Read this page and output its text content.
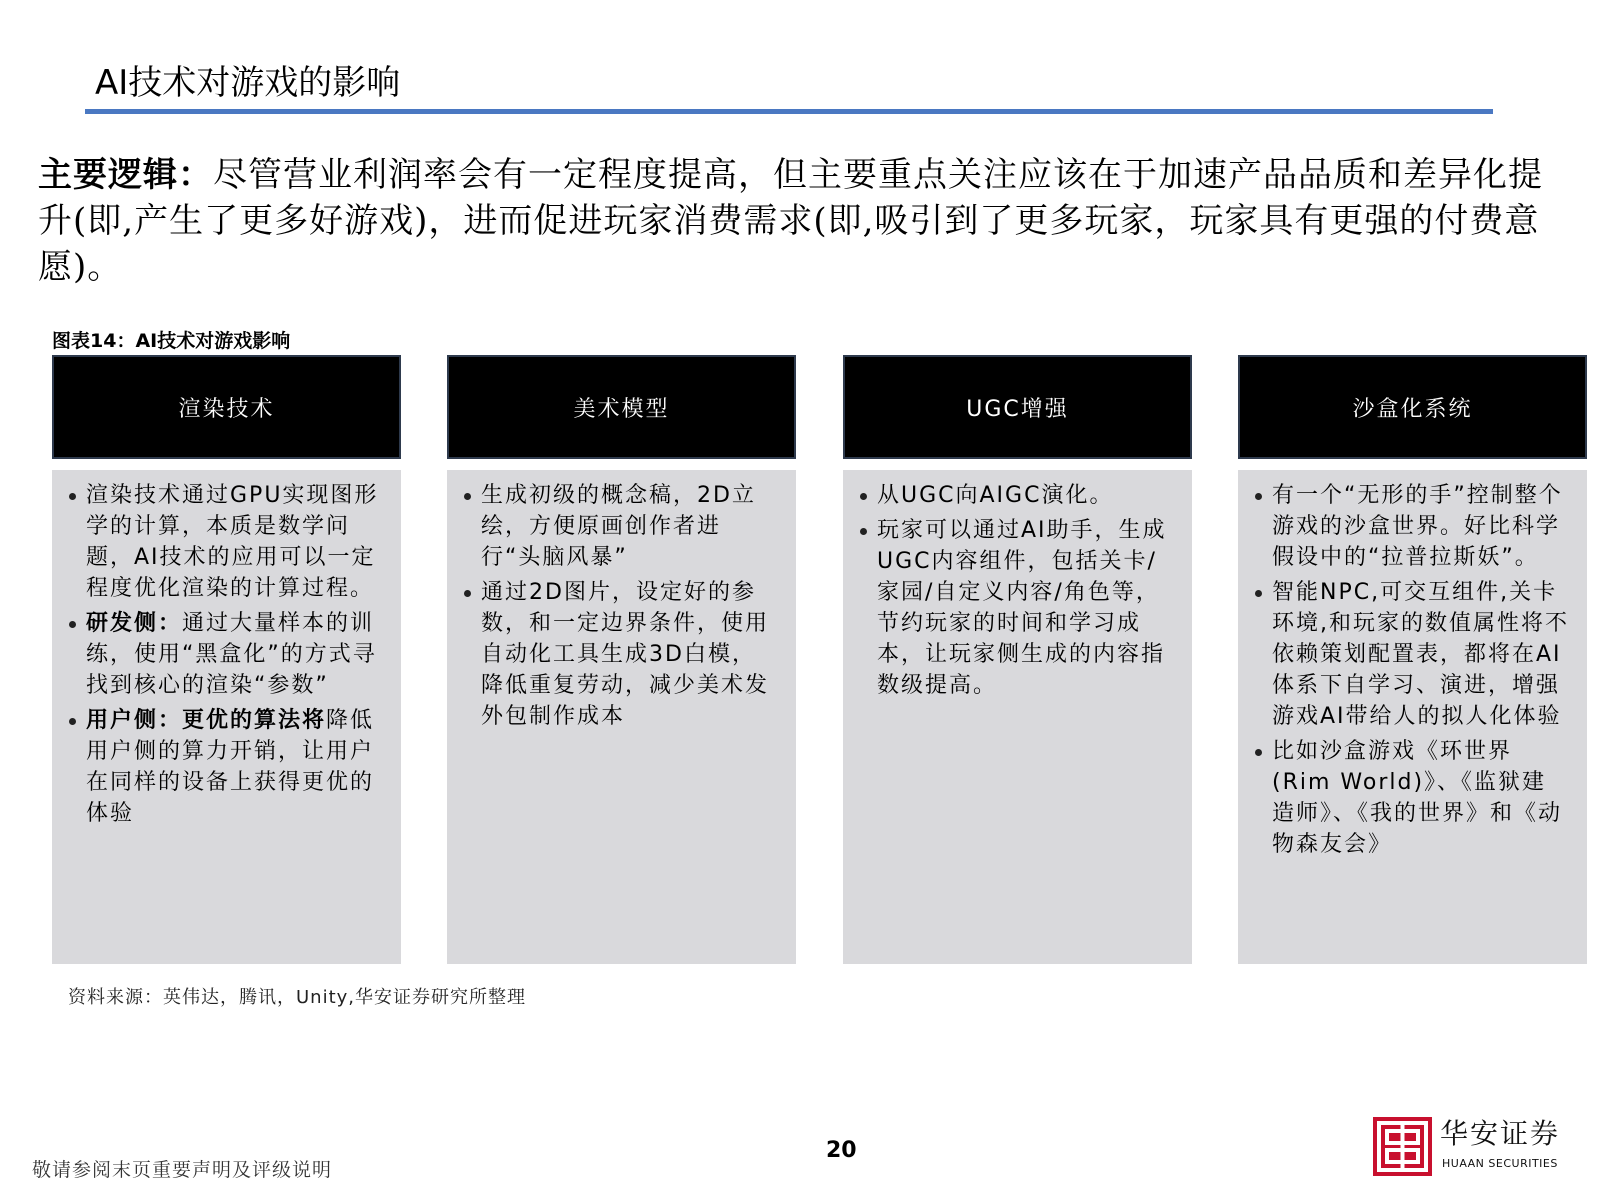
AI技术对游戏的影响
主要逻辑：尽管营业利润率会有一定程度提高，但主要重点关注应该在于加速产品品质和差异化提升(即,产生了更多好游戏)，进而促进玩家消费需求(即,吸引到了更多玩家，玩家具有更强的付费意愿)。
图表14：AI技术对游戏影响
渲染技术
渲染技术通过GPU实现图形学的计算，本质是数学问题，AI技术的应用可以一定程度优化渲染的计算过程。
研发侧：通过大量样本的训练，使用“黑盒化”的方式寻找到核心的渲染“参数”
用户侧：更优的算法将降低用户侧的算力开销，让用户在同样的设备上获得更优的体验
美术模型
生成初级的概念稿，2D立绘，方便原画创作者进行“头脑风暴”
通过2D图片，设定好的参数，和一定边界条件，使用自动化工具生成3D白模，降低重复劳动，减少美术发外包制作成本
UGC增强
从UGC向AIGC演化。
玩家可以通过AI助手，生成UGC内容组件，包括关卡/家园/自定义内容/角色等，节约玩家的时间和学习成本，让玩家侧生成的内容指数级提高。
沙盒化系统
有一个“无形的手”控制整个游戏的沙盒世界。好比科学假设中的“拉普拉斯妖”。
智能NPC,可交互组件,关卡环境,和玩家的数值属性将不依赖策划配置表，都将在AI体系下自学习、演进，增强游戏AI带给人的拟人化体验
比如沙盒游戏《环世界(Rim World)》、《监狱建造师》、《我的世界》和《动物森友会》
资料来源：英伟达，腾讯，Unity,华安证券研究所整理
20
敬请参阅末页重要声明及评级说明
华安证券
HUAAN SECURITIES
